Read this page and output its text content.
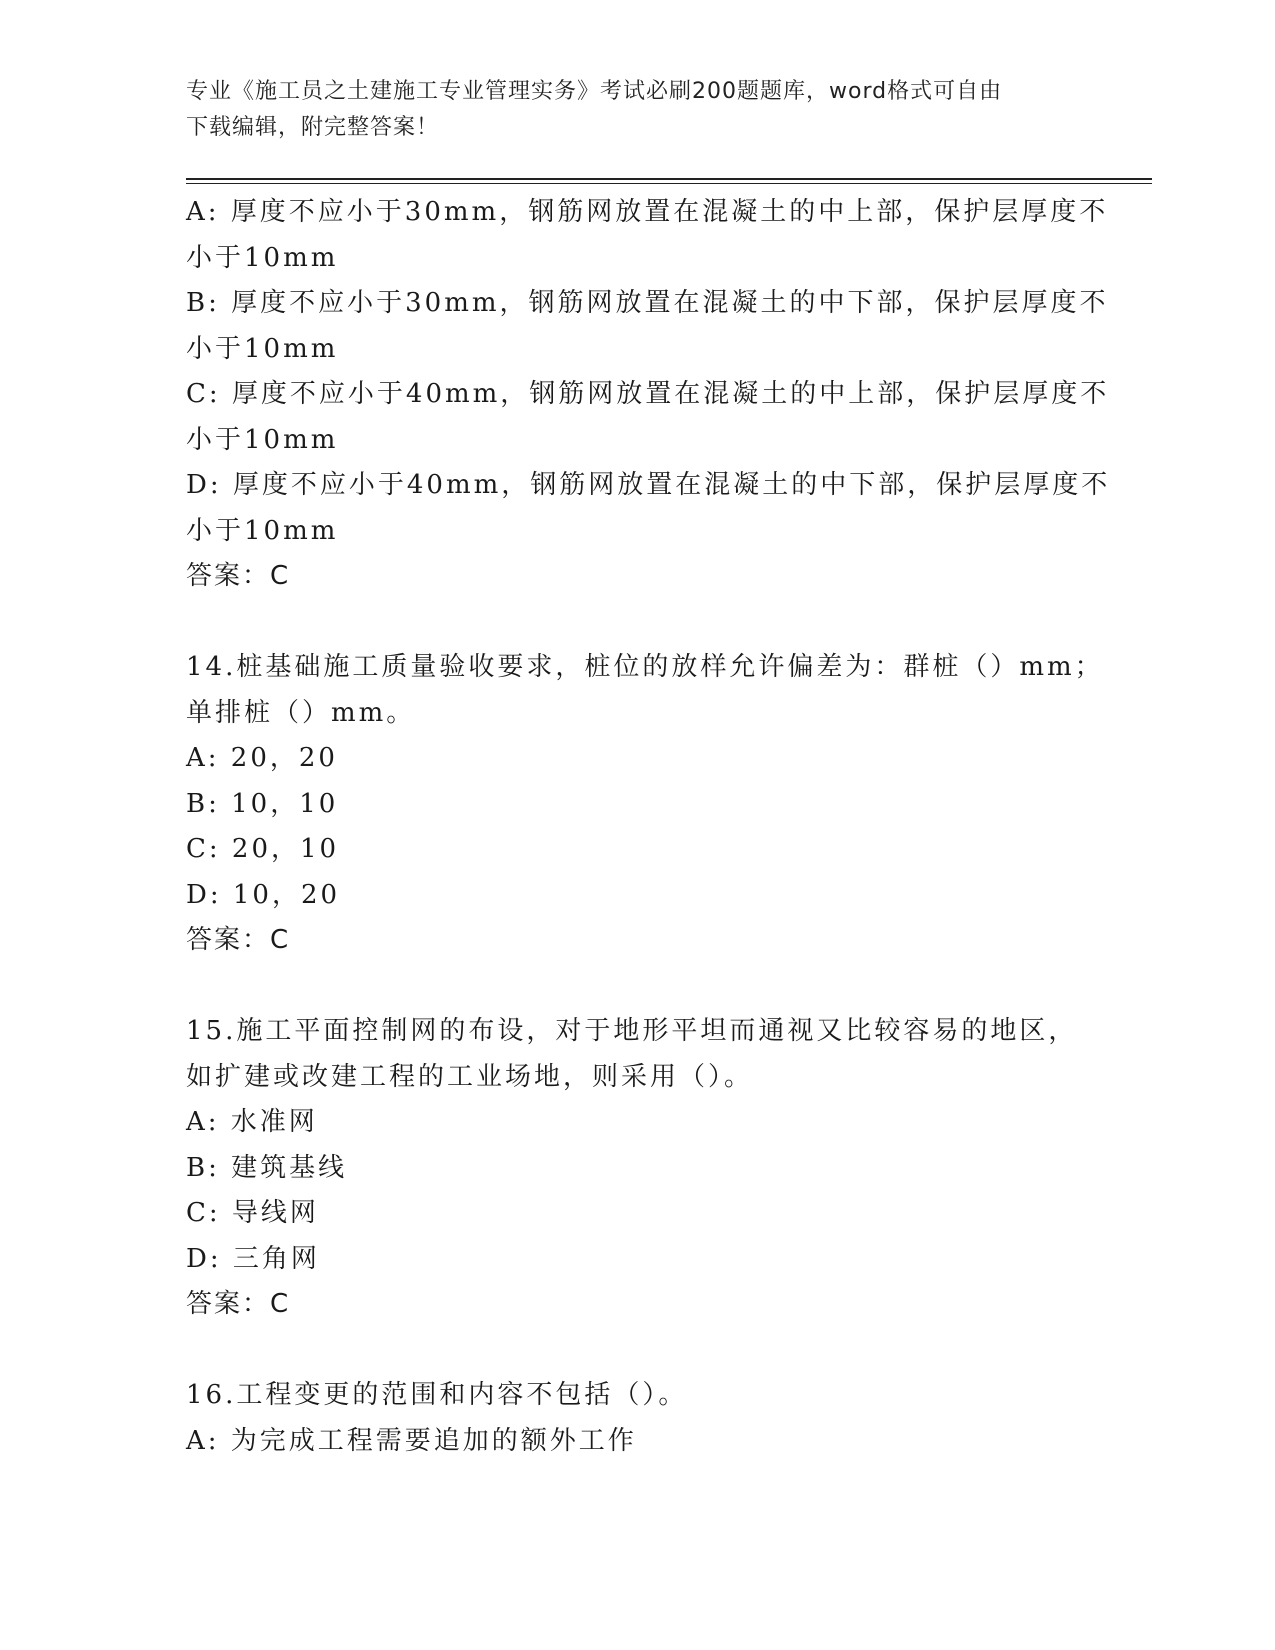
专业《施工员之土建施工专业管理实务》考试必刷200题题库，word格式可自由
下载编辑，附完整答案！
A: 厚度不应小于30mm，钢筋网放置在混凝土的中上部，保护层厚度不
小于10mm
B: 厚度不应小于30mm，钢筋网放置在混凝土的中下部，保护层厚度不
小于10mm
C: 厚度不应小于40mm，钢筋网放置在混凝土的中上部，保护层厚度不
小于10mm
D: 厚度不应小于40mm，钢筋网放置在混凝土的中下部，保护层厚度不
小于10mm
答案：C
14.桩基础施工质量验收要求，桩位的放样允许偏差为：群桩（）mm；
单排桩（）mm。
A: 20，20
B: 10，10
C: 20，10
D: 10，20
答案：C
15.施工平面控制网的布设，对于地形平坦而通视又比较容易的地区，
如扩建或改建工程的工业场地，则采用（）。
A: 水准网
B: 建筑基线
C: 导线网
D: 三角网
答案：C
16.工程变更的范围和内容不包括（）。
A: 为完成工程需要追加的额外工作
